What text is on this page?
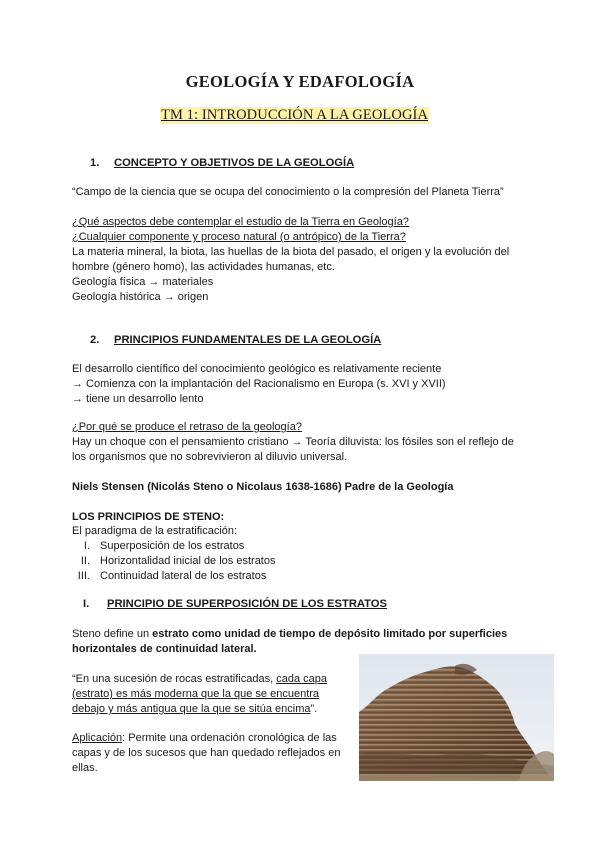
GEOLOGÍA Y EDAFOLOGÍA
TM 1: INTRODUCCIÓN A LA GEOLOGÍA
1. CONCEPTO Y OBJETIVOS DE LA GEOLOGÍA
“Campo de la ciencia que se ocupa del conocimiento o la compresión del Planeta Tierra”
¿Qué aspectos debe contemplar el estudio de la Tierra en Geología?
¿Cualquier componente y proceso natural (o antrópico) de la Tierra?
La materia mineral, la biota, las huellas de la biota del pasado, el origen y la evolución del
hombre (género homo), las actividades humanas, etc.
Geología física → materiales
Geología histórica → origen
2. PRINCIPIOS FUNDAMENTALES DE LA GEOLOGÍA
El desarrollo científico del conocimiento geológico es relativamente reciente
→ Comienza con la implantación del Racionalismo en Europa (s. XVI y XVII)
→ tiene un desarrollo lento
¿Por qué se produce el retraso de la geología?
Hay un choque con el pensamiento cristiano → Teoría diluvista: los fósiles son el reflejo de
los organismos que no sobrevivieron al diluvio universal.
Niels Stensen (Nicolás Steno o Nicolaus 1638-1686) Padre de la Geología
LOS PRINCIPIOS DE STENO:
El paradigma de la estratificación:
I. Superposición de los estratos
II. Horizontalidad inicial de los estratos
III. Continuidad lateral de los estratos
I. PRINCIPIO DE SUPERPOSICIÓN DE LOS ESTRATOS
Steno define un estrato como unidad de tiempo de depósito limitado por superficies
horizontales de continuidad lateral.
“En una sucesión de rocas estratificadas, cada capa
(estrato) es más moderna que la que se encuentra
debajo y más antigua que la que se sitúa encima”.
Aplicación: Permite una ordenación cronológica de las
capas y de los sucesos que han quedado reflejados en
ellas.
